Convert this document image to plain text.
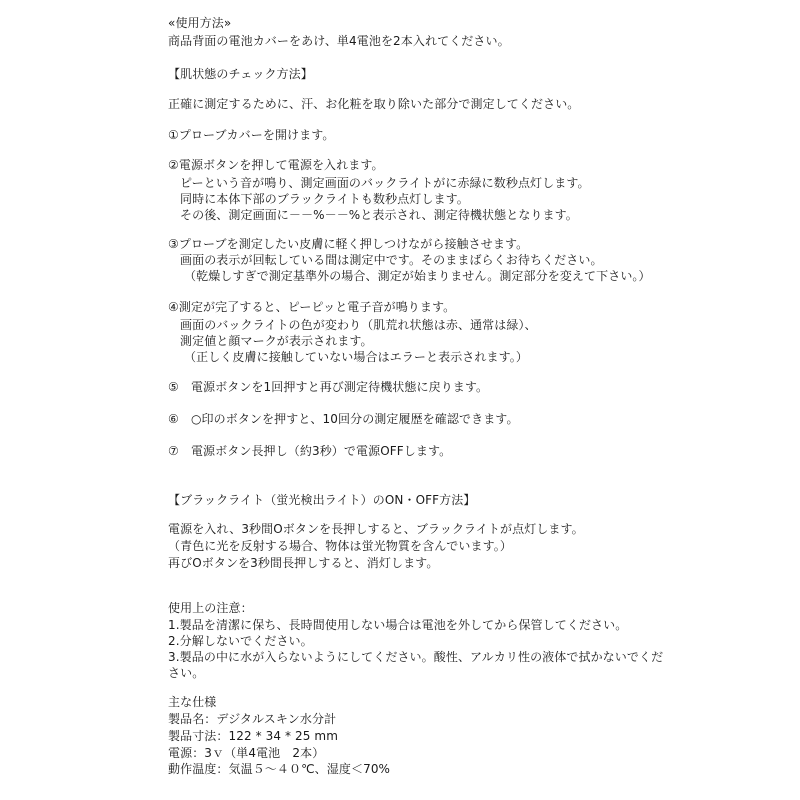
«使用方法»
商品背面の電池カバーをあけ、単4電池を2本入れてください。
【肌状態のチェック方法】
正確に測定するために、汗、お化粧を取り除いた部分で測定してください。
①プローブカバーを開けます。
②電源ボタンを押して電源を入れます。
ピーという音が鳴り、測定画面のバックライトがに赤緑に数秒点灯します。
同時に本体下部のブラックライトも数秒点灯します。
その後、測定画面に－－%－－%と表示され、測定待機状態となります。
③プローブを測定したい皮膚に軽く押しつけながら接触させます。
画面の表示が回転している間は測定中です。そのままばらくお待ちください。
（乾燥しすぎで測定基準外の場合、測定が始まりません。測定部分を変えて下さい。）
④測定が完了すると、ピーピッと電子音が鳴ります。
画面のバックライトの色が変わり（肌荒れ状態は赤、通常は緑）、
測定値と顔マークが表示されます。
（正しく皮膚に接触していない場合はエラーと表示されます。）
⑤　電源ボタンを1回押すと再び測定待機状態に戻ります。
⑥　○印のボタンを押すと、10回分の測定履歴を確認できます。
⑦　電源ボタン長押し（約3秒）で電源OFFします。
【ブラックライト（蛍光検出ライト）のON・OFF方法】
電源を入れ、3秒間Oボタンを長押しすると、ブラックライトが点灯します。
（青色に光を反射する場合、物体は蛍光物質を含んでいます。）
再びOボタンを3秒間長押しすると、消灯します。
使用上の注意：
1.製品を清潔に保ち、長時間使用しない場合は電池を外してから保管してください。
2.分解しないでください。
3.製品の中に水が入らないようにしてください。酸性、アルカリ性の液体で拭かないでくだ
さい。
主な仕様
製品名：デジタルスキン水分計
製品寸法：122 * 34 * 25 mm
電源：3ｖ（単4電池　2本）
動作温度：気温５～４０℃、湿度＜70%
